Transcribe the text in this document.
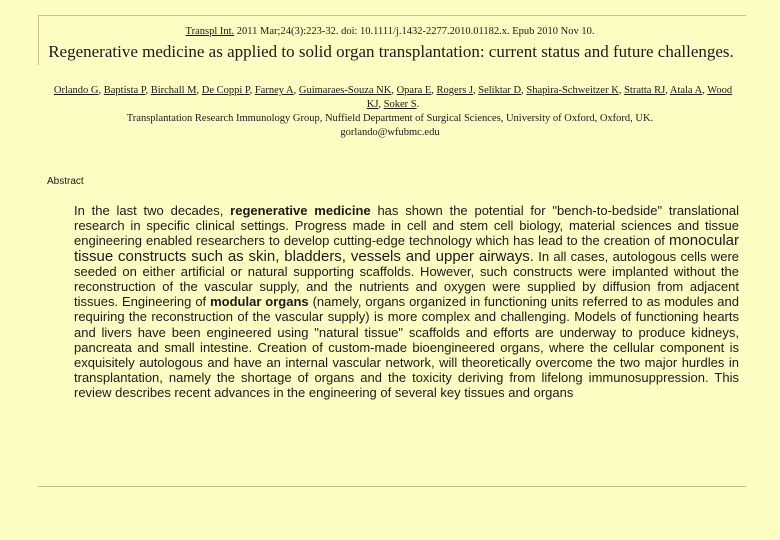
Transpl Int. 2011 Mar;24(3):223-32. doi: 10.1111/j.1432-2277.2010.01182.x. Epub 2010 Nov 10.
Regenerative medicine as applied to solid organ transplantation: current status and future challenges.
Orlando G, Baptista P, Birchall M, De Coppi P, Farney A, Guimaraes-Souza NK, Opara E, Rogers J, Seliktar D, Shapira-Schweitzer K, Stratta RJ, Atala A, Wood KJ, Soker S.
Transplantation Research Immunology Group, Nuffield Department of Surgical Sciences, University of Oxford, Oxford, UK.
gorlando@wfubmc.edu
Abstract
In the last two decades, regenerative medicine has shown the potential for "bench-to-bedside" translational research in specific clinical settings. Progress made in cell and stem cell biology, material sciences and tissue engineering enabled researchers to develop cutting-edge technology which has lead to the creation of monocular tissue constructs such as skin, bladders, vessels and upper airways. In all cases, autologous cells were seeded on either artificial or natural supporting scaffolds. However, such constructs were implanted without the reconstruction of the vascular supply, and the nutrients and oxygen were supplied by diffusion from adjacent tissues. Engineering of modular organs (namely, organs organized in functioning units referred to as modules and requiring the reconstruction of the vascular supply) is more complex and challenging. Models of functioning hearts and livers have been engineered using "natural tissue" scaffolds and efforts are underway to produce kidneys, pancreata and small intestine. Creation of custom-made bioengineered organs, where the cellular component is exquisitely autologous and have an internal vascular network, will theoretically overcome the two major hurdles in transplantation, namely the shortage of organs and the toxicity deriving from lifelong immunosuppression. This review describes recent advances in the engineering of several key tissues and organs
